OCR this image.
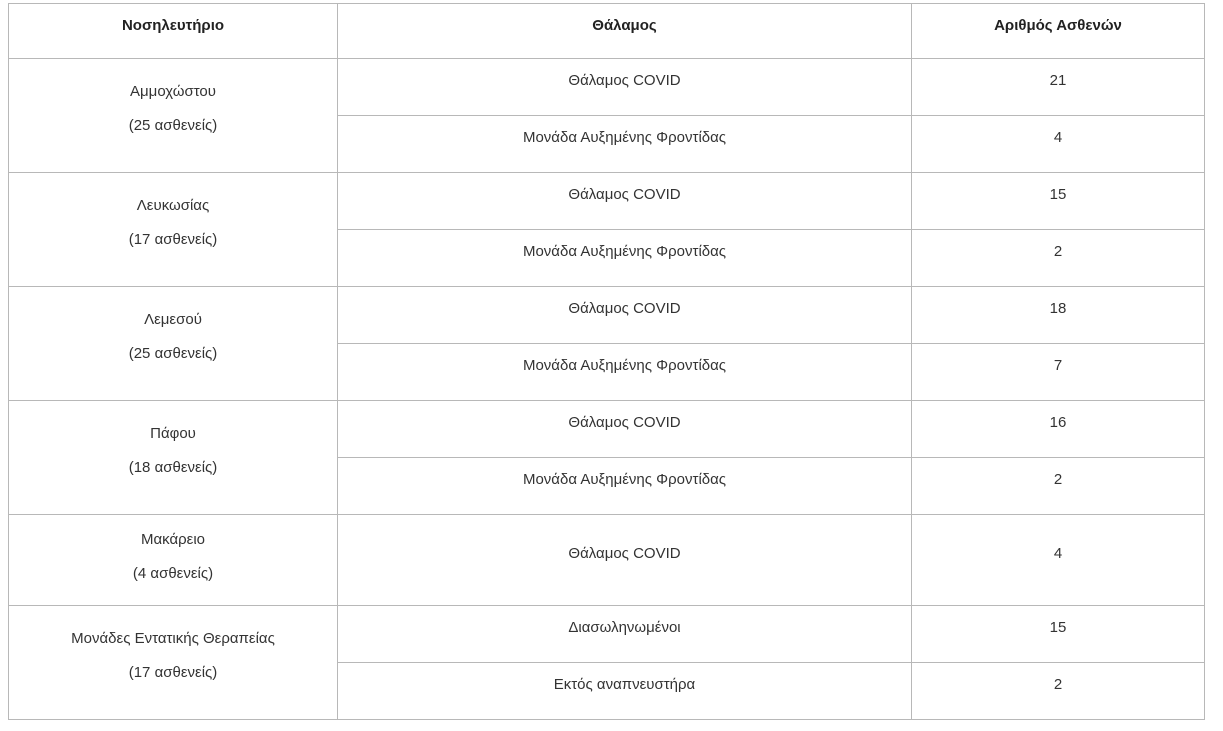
Νοσηλευτήριο	Θάλαμος	Αριθμός Ασθενών

Αμμοχώστου
(25 ασθενείς)	Θάλαμος COVID	21
	Μονάδα Αυξημένης Φροντίδας	4

Λευκωσίας
(17 ασθενείς)	Θάλαμος COVID	15
	Μονάδα Αυξημένης Φροντίδας	2

Λεμεσού
(25 ασθενείς)	Θάλαμος COVID	18
	Μονάδα Αυξημένης Φροντίδας	7

Πάφου
(18 ασθενείς)	Θάλαμος COVID	16
	Μονάδα Αυξημένης Φροντίδας	2

Μακάρειο
(4 ασθενείς)	Θάλαμος COVID	4

Μονάδες Εντατικής Θεραπείας
(17 ασθενείς)	Διασωληνωμένοι	15
	Εκτός αναπνευστήρα	2
